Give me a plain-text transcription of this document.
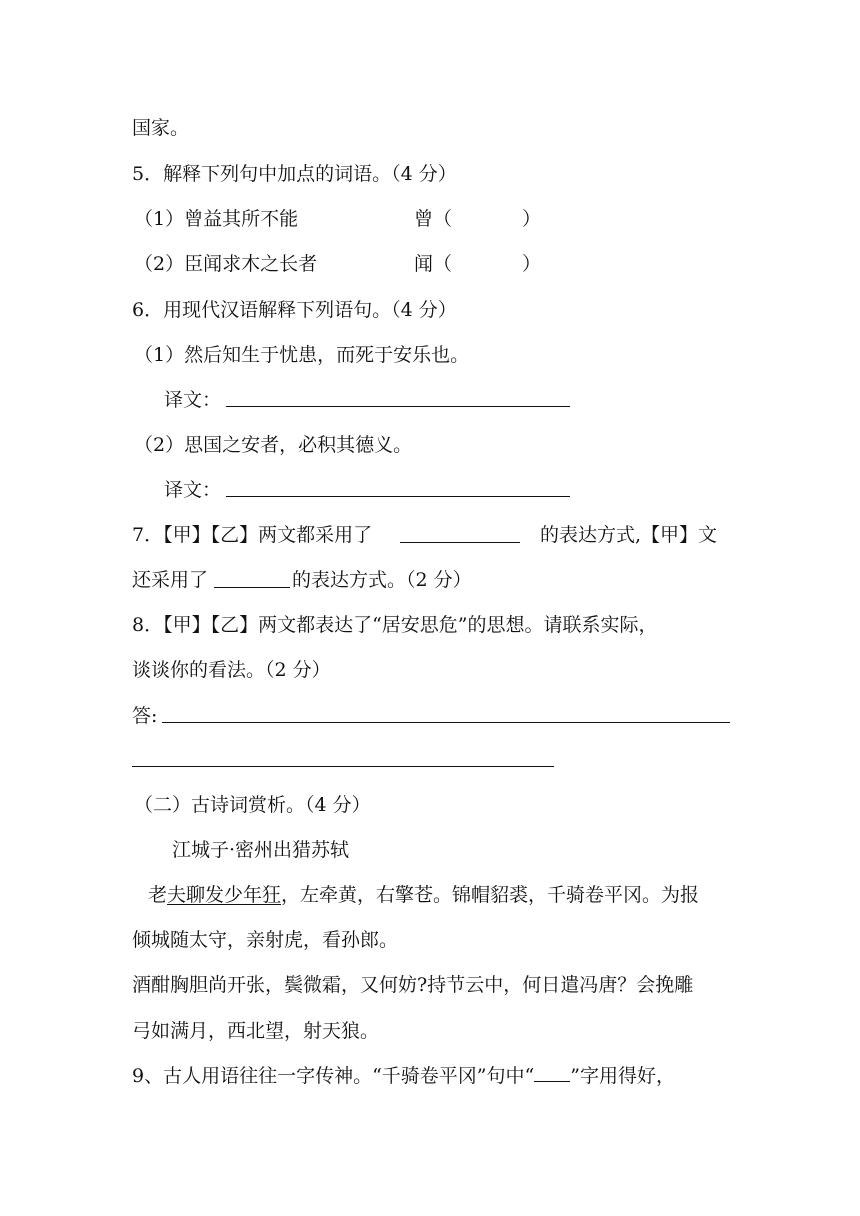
国家。
5．解释下列句中加点的词语。（4 分）
（1）曾益其所不能	曾（	）
（2）臣闻求木之长者	闻（	）
6．用现代汉语解释下列语句。（4 分）
（1）然后知生于忧患，而死于安乐也。
译文：
（2）思国之安者，必积其德义。
译文：
7．【甲】【乙】两文都采用了	的表达方式,【甲】文
还采用了	的表达方式。（2 分）
8．【甲】【乙】两文都表达了“居安思危”的思想。请联系实际，
谈谈你的看法。（2 分）
答:
（二）古诗词赏析。（4 分）
江城子·密州出猎苏轼
老夫聊发少年狂，左牵黄，右擎苍。锦帽貂裘，千骑卷平冈。为报
倾城随太守，亲射虎，看孙郎。
酒酣胸胆尚开张，鬓微霜，又何妨?持节云中，何日遣冯唐？会挽雕
弓如满月，西北望，射天狼。
9、古人用语往往一字传神。“千骑卷平冈”句中“ ”字用得好，
